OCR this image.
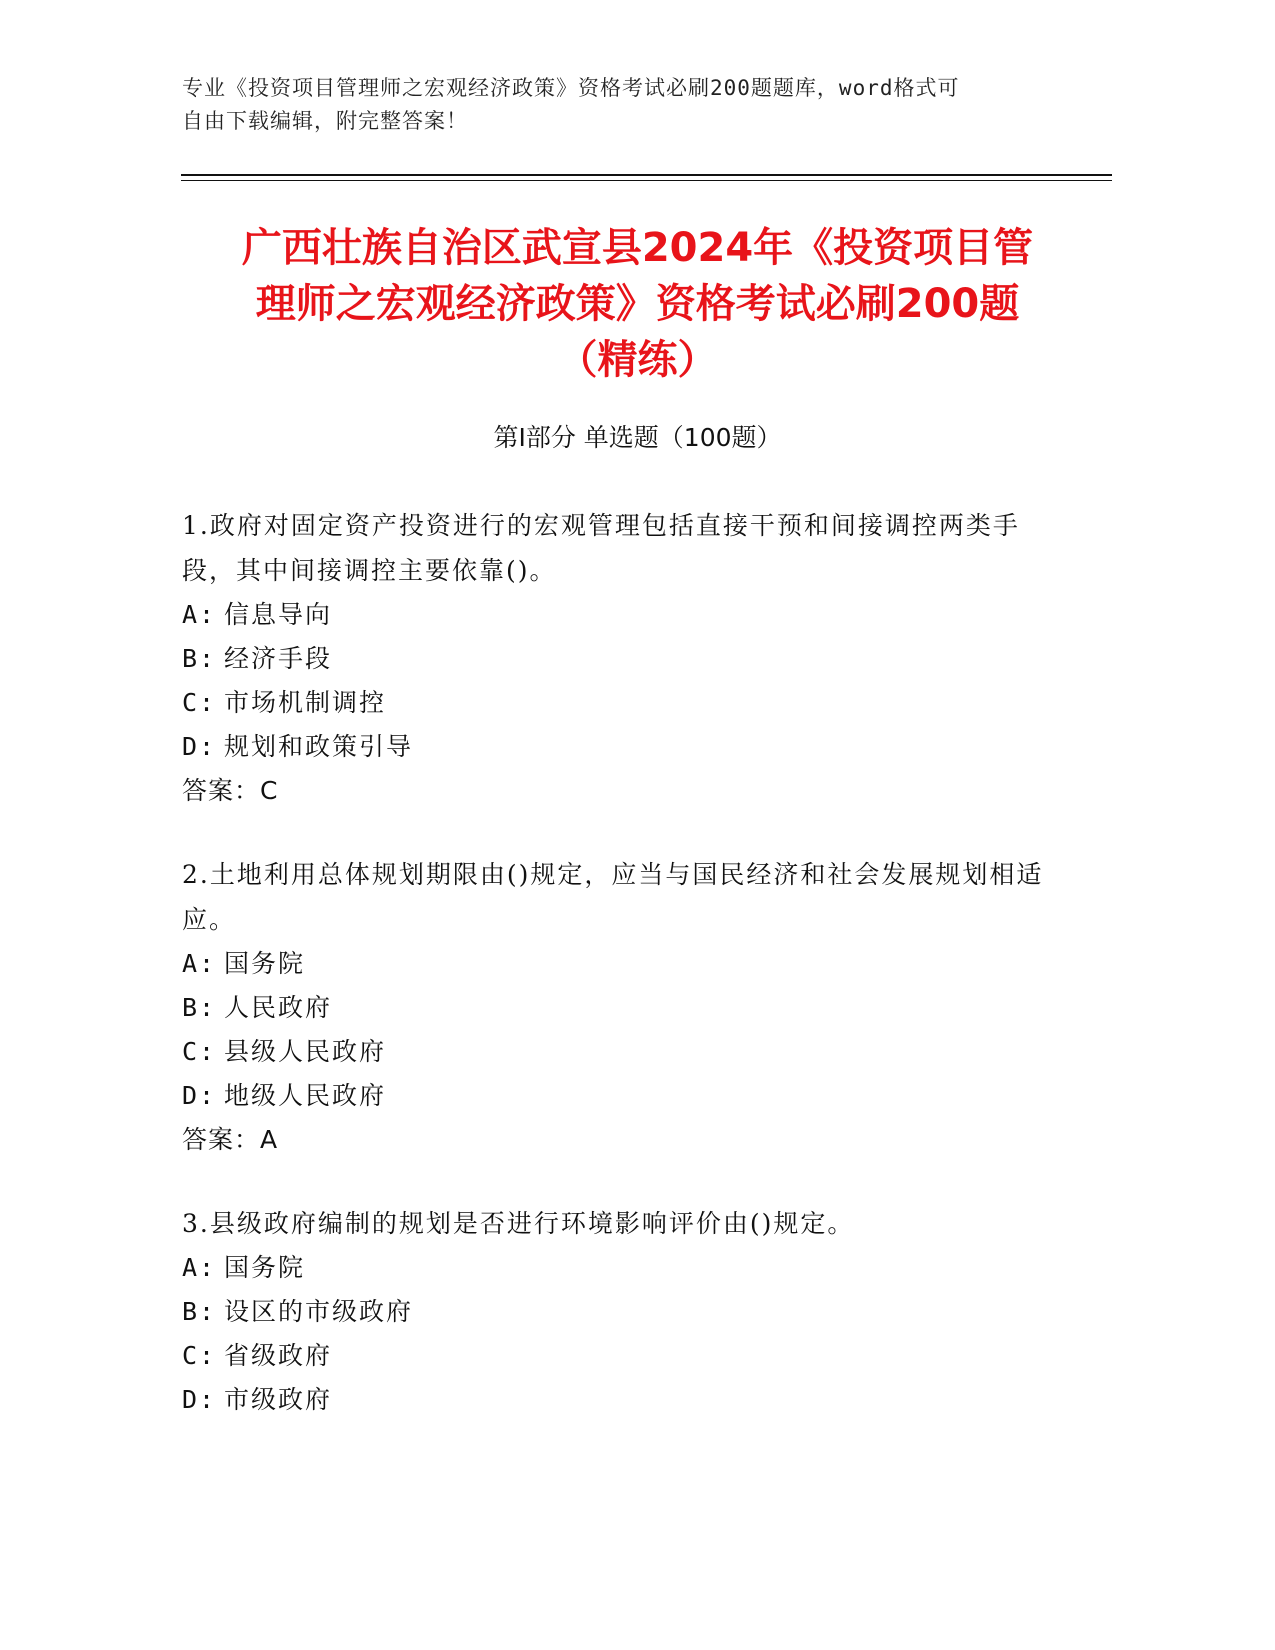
专业《投资项目管理师之宏观经济政策》资格考试必刷200题题库，word格式可
自由下载编辑，附完整答案！
广西壮族自治区武宣县2024年《投资项目管
理师之宏观经济政策》资格考试必刷200题
（精练）
第Ⅰ部分 单选题（100题）
1.政府对固定资产投资进行的宏观管理包括直接干预和间接调控两类手段，其中间接调控主要依靠()。
A: 信息导向
B: 经济手段
C: 市场机制调控
D: 规划和政策引导
答案：C
2.土地利用总体规划期限由()规定，应当与国民经济和社会发展规划相适应。
A: 国务院
B: 人民政府
C: 县级人民政府
D: 地级人民政府
答案：A
3.县级政府编制的规划是否进行环境影响评价由()规定。
A: 国务院
B: 设区的市级政府
C: 省级政府
D: 市级政府
